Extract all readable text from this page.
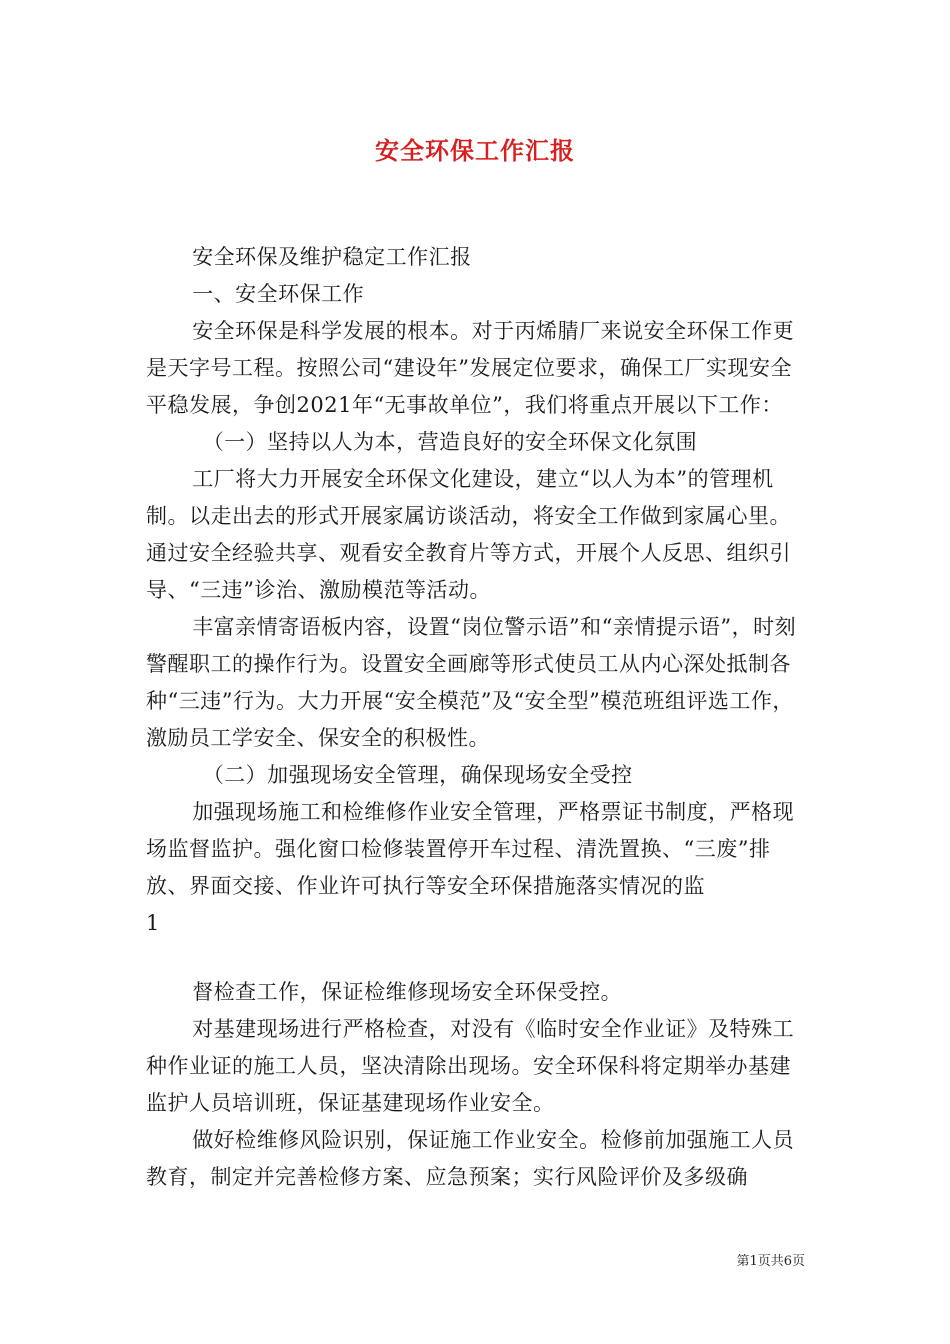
安全环保工作汇报

安全环保及维护稳定工作汇报

一、安全环保工作

安全环保是科学发展的根本。对于丙烯腈厂来说安全环保工作更是天字号工程。按照公司“建设年”发展定位要求，确保工厂实现安全平稳发展，争创2021年“无事故单位”，我们将重点开展以下工作：

（一）坚持以人为本，营造良好的安全环保文化氛围

工厂将大力开展安全环保文化建设，建立“以人为本”的管理机制。以走出去的形式开展家属访谈活动，将安全工作做到家属心里。通过安全经验共享、观看安全教育片等方式，开展个人反思、组织引导、“三违”诊治、激励模范等活动。

丰富亲情寄语板内容，设置“岗位警示语”和“亲情提示语”，时刻警醒职工的操作行为。设置安全画廊等形式使员工从内心深处抵制各种“三违”行为。大力开展“安全模范”及“安全型”模范班组评选工作，激励员工学安全、保安全的积极性。

（二）加强现场安全管理，确保现场安全受控

加强现场施工和检维修作业安全管理，严格票证书制度，严格现场监督监护。强化窗口检修装置停开车过程、清洗置换、“三废”排放、界面交接、作业许可执行等安全环保措施落实情况的监

1

督检查工作，保证检维修现场安全环保受控。

对基建现场进行严格检查，对没有《临时安全作业证》及特殊工种作业证的施工人员，坚决清除出现场。安全环保科将定期举办基建监护人员培训班，保证基建现场作业安全。

做好检维修风险识别，保证施工作业安全。检修前加强施工人员教育，制定并完善检修方案、应急预案；实行风险评价及多级确

第1页共6页
